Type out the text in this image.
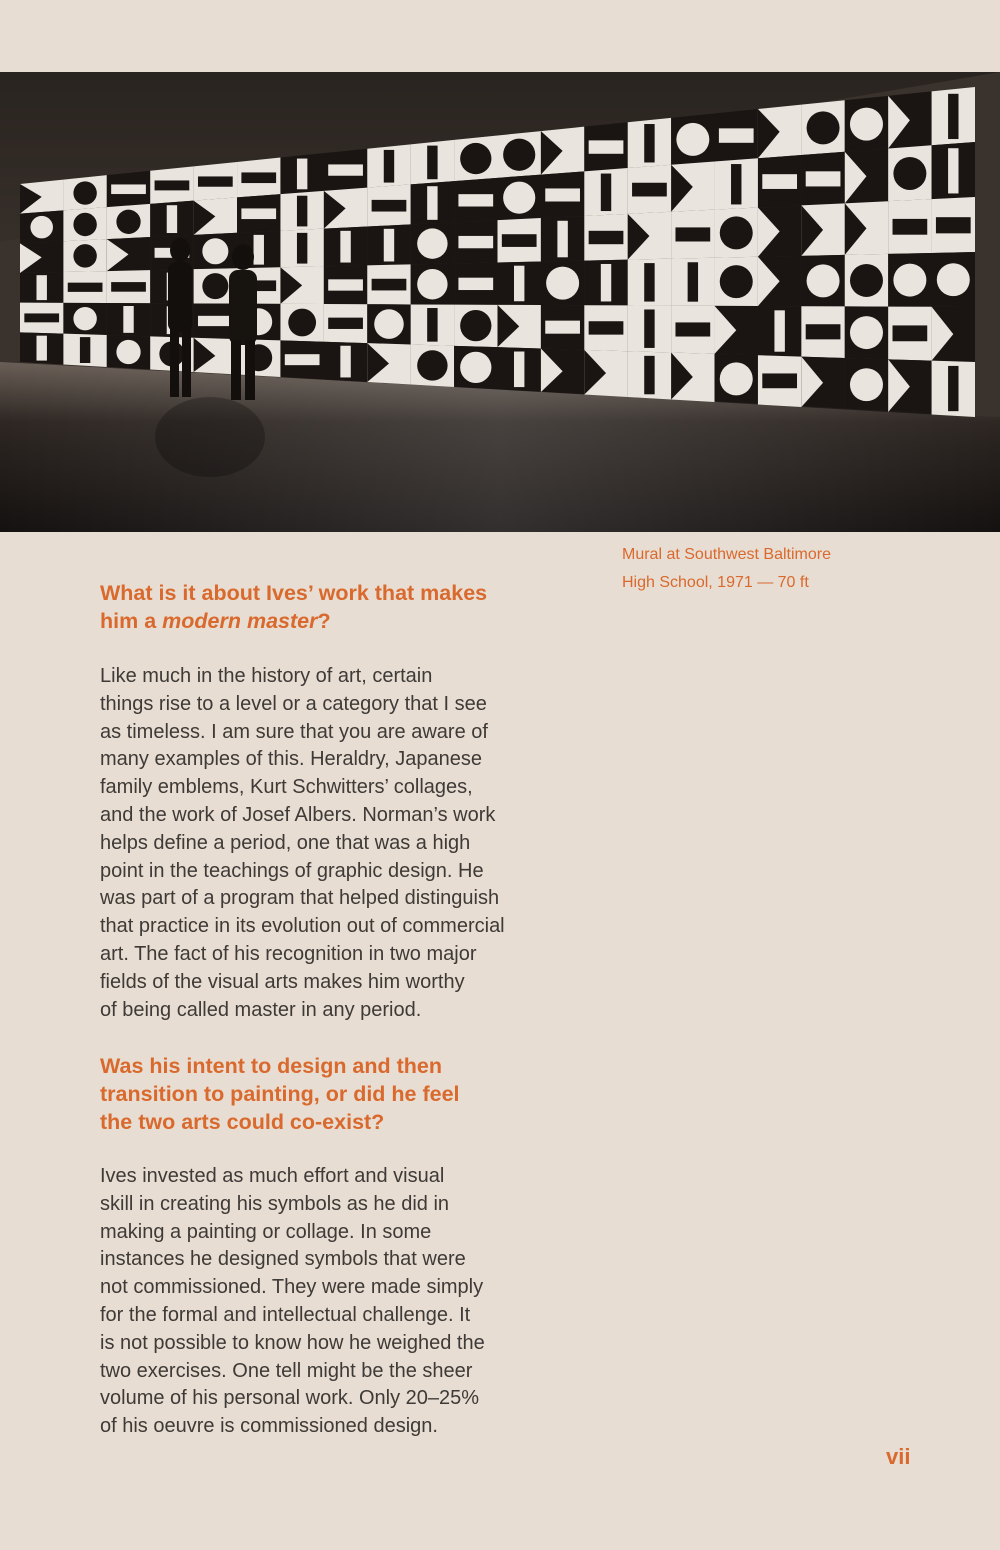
Mural at Southwest Baltimore
High School, 1971 — 70 ft
What is it about Ives’ work that makes
him a modern master?
Like much in the history of art, certain
things rise to a level or a category that I see
as timeless. I am sure that you are aware of
many examples of this. Heraldry, Japanese
family emblems, Kurt Schwitters’ collages,
and the work of Josef Albers. Norman’s work
helps define a period, one that was a high
point in the teachings of graphic design. He
was part of a program that helped distinguish
that practice in its evolution out of commercial
art. The fact of his recognition in two major
fields of the visual arts makes him worthy
of being called master in any period.
Was his intent to design and then
transition to painting, or did he feel
the two arts could co-exist?
Ives invested as much effort and visual
skill in creating his symbols as he did in
making a painting or collage. In some
instances he designed symbols that were
not commissioned. They were made simply
for the formal and intellectual challenge. It
is not possible to know how he weighed the
two exercises. One tell might be the sheer
volume of his personal work. Only 20–25%
of his oeuvre is commissioned design.
vii
